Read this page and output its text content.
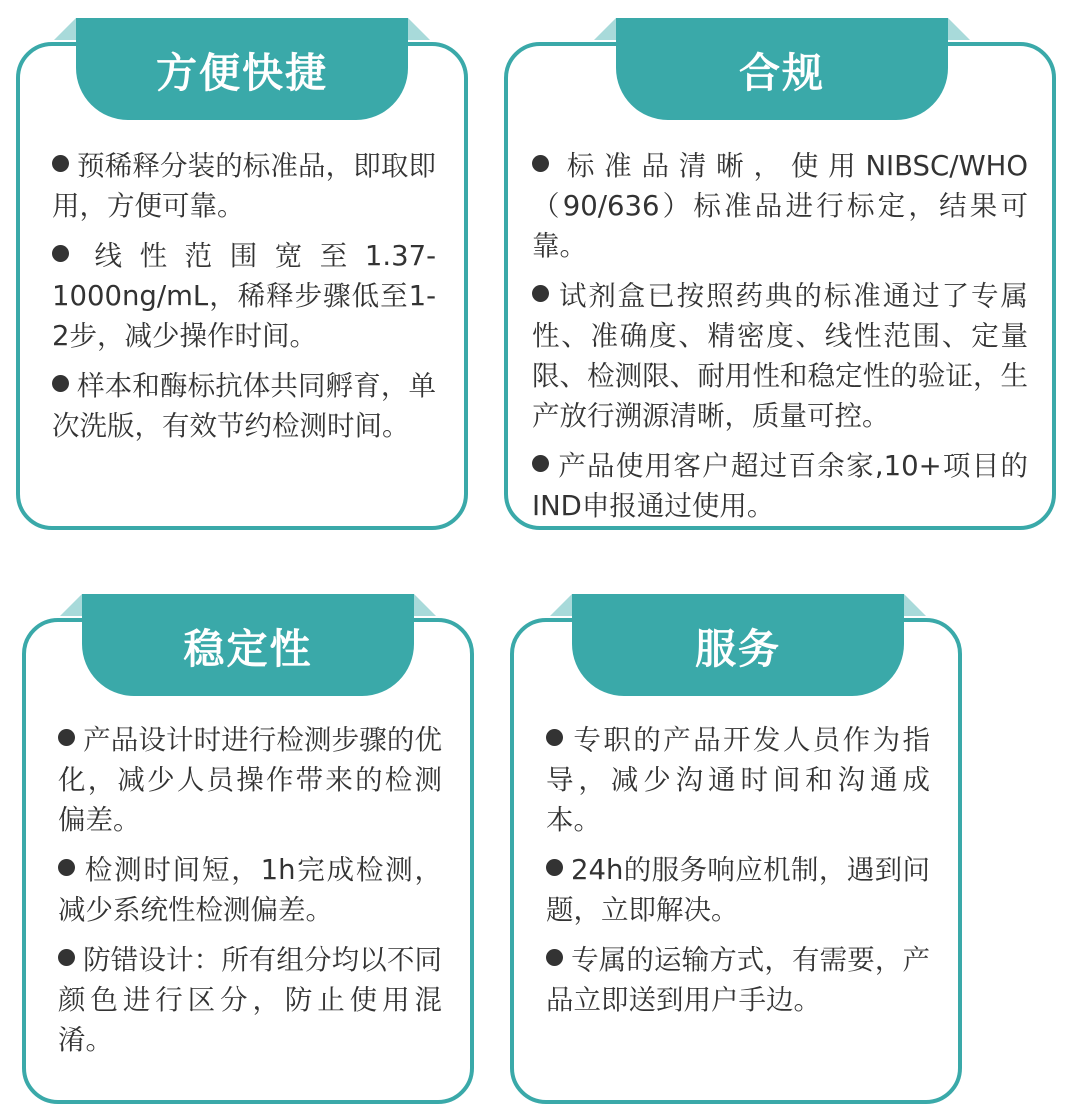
方便快捷
预稀释分装的标准品，即取即用，方便可靠。
线性范围宽至1.37-1000ng/mL，稀释步骤低至1-2步，减少操作时间。
样本和酶标抗体共同孵育，单次洗版，有效节约检测时间。
合规
标准品清晰，使用NIBSC/WHO（90/636）标准品进行标定，结果可靠。
试剂盒已按照药典的标准通过了专属性、准确度、精密度、线性范围、定量限、检测限、耐用性和稳定性的验证，生产放行溯源清晰，质量可控。
产品使用客户超过百余家,10+项目的IND申报通过使用。
稳定性
产品设计时进行检测步骤的优化，减少人员操作带来的检测偏差。
检测时间短，1h完成检测，减少系统性检测偏差。
防错设计：所有组分均以不同颜色进行区分，防止使用混淆。
服务
专职的产品开发人员作为指导，减少沟通时间和沟通成本。
24h的服务响应机制，遇到问题，立即解决。
专属的运输方式，有需要，产品立即送到用户手边。
